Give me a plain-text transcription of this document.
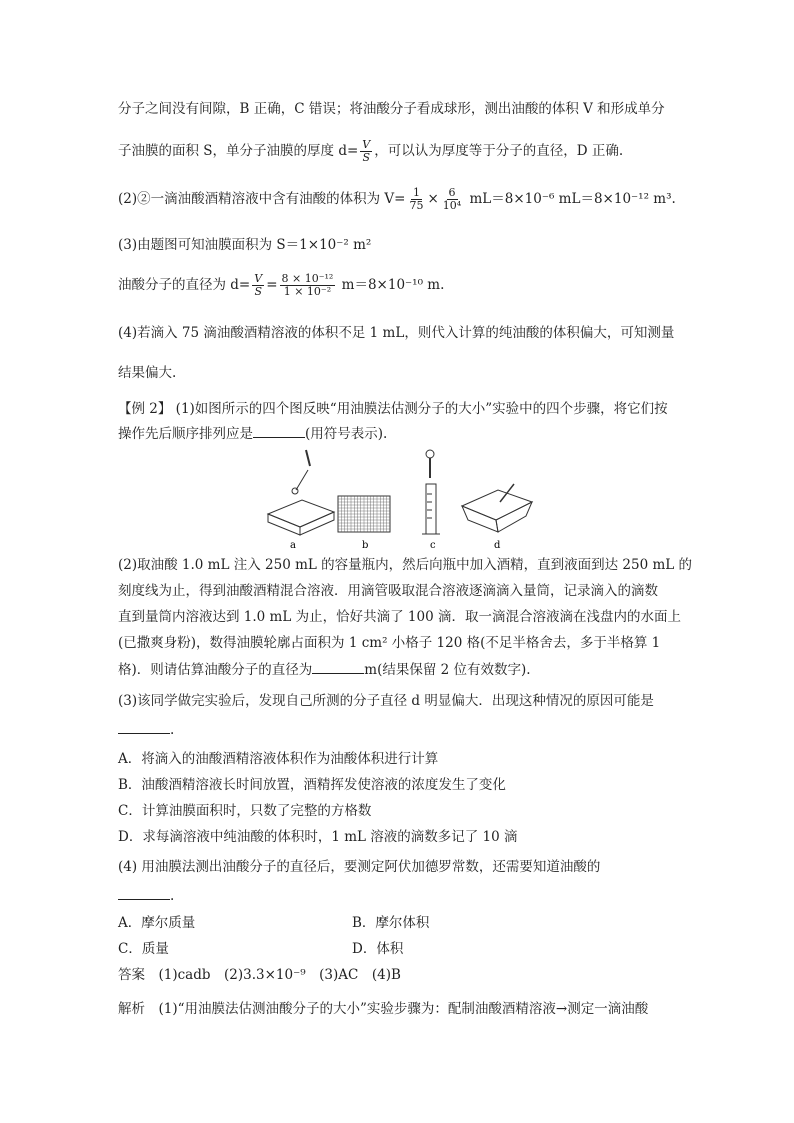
分子之间没有间隙，B 正确，C 错误；将油酸分子看成球形，测出油酸的体积 V 和形成单分
子油膜的面积 S，单分子油膜的厚度 $d= \frac{V}{S}$ ，可以认为厚度等于分子的直径，D 正确.
(2)②一滴油酸酒精溶液中含有油酸的体积为 $V= \frac{1}{75} \times \frac{6}{\text{10⁴}} mL=8\times 10^{-6}$ mL＝8×10⁻¹² m³.
(3)由题图可知油膜面积为 S＝1×10⁻² m²
油酸分子的直径为 $d= \frac{V}{S} = \frac{\text{8 × 10⁻¹²}}{\text{1 × 10⁻²}} m=8\times 10^{-10}$ m.
(4)若滴入 75 滴油酸酒精溶液的体积不足 1 mL，则代入计算的纯油酸的体积偏大，可知测量
结果偏大.
【例 2】 (1)如图所示的四个图反映“用油膜法估测分子的大小”实验中的四个步骤，将它们按
操作先后顺序排列应是	(用符号表示).
a	b	c	d
(2)取油酸 1.0 mL 注入 250 mL 的容量瓶内，然后向瓶中加入酒精，直到液面到达 250 mL 的
刻度线为止，得到油酸酒精混合溶液．用滴管吸取混合溶液逐滴滴入量筒，记录滴入的滴数
直到量筒内溶液达到 1.0 mL 为止，恰好共滴了 100 滴．取一滴混合溶液滴在浅盘内的水面上
(已撒爽身粉)，数得油膜轮廓占面积为 1 cm² 小格子 120 格(不足半格舍去，多于半格算 1
格)．则请估算油酸分子的直径为	m(结果保留 2 位有效数字).
(3)该同学做完实验后，发现自己所测的分子直径 d 明显偏大．出现这种情况的原因可能是
.
A．将滴入的油酸酒精溶液体积作为油酸体积进行计算
B．油酸酒精溶液长时间放置，酒精挥发使溶液的浓度发生了变化
C．计算油膜面积时，只数了完整的方格数
D．求每滴溶液中纯油酸的体积时，1 mL 溶液的滴数多记了 10 滴
(4) 用油膜法测出油酸分子的直径后，要测定阿伏加德罗常数，还需要知道油酸的
.
A．摩尔质量	B．摩尔体积
C．质量	D．体积
答案　(1)cadb　(2)3.3×10⁻⁹　(3)AC　(4)B
解析　(1)“用油膜法估测油酸分子的大小”实验步骤为：配制油酸酒精溶液→测定一滴油酸
